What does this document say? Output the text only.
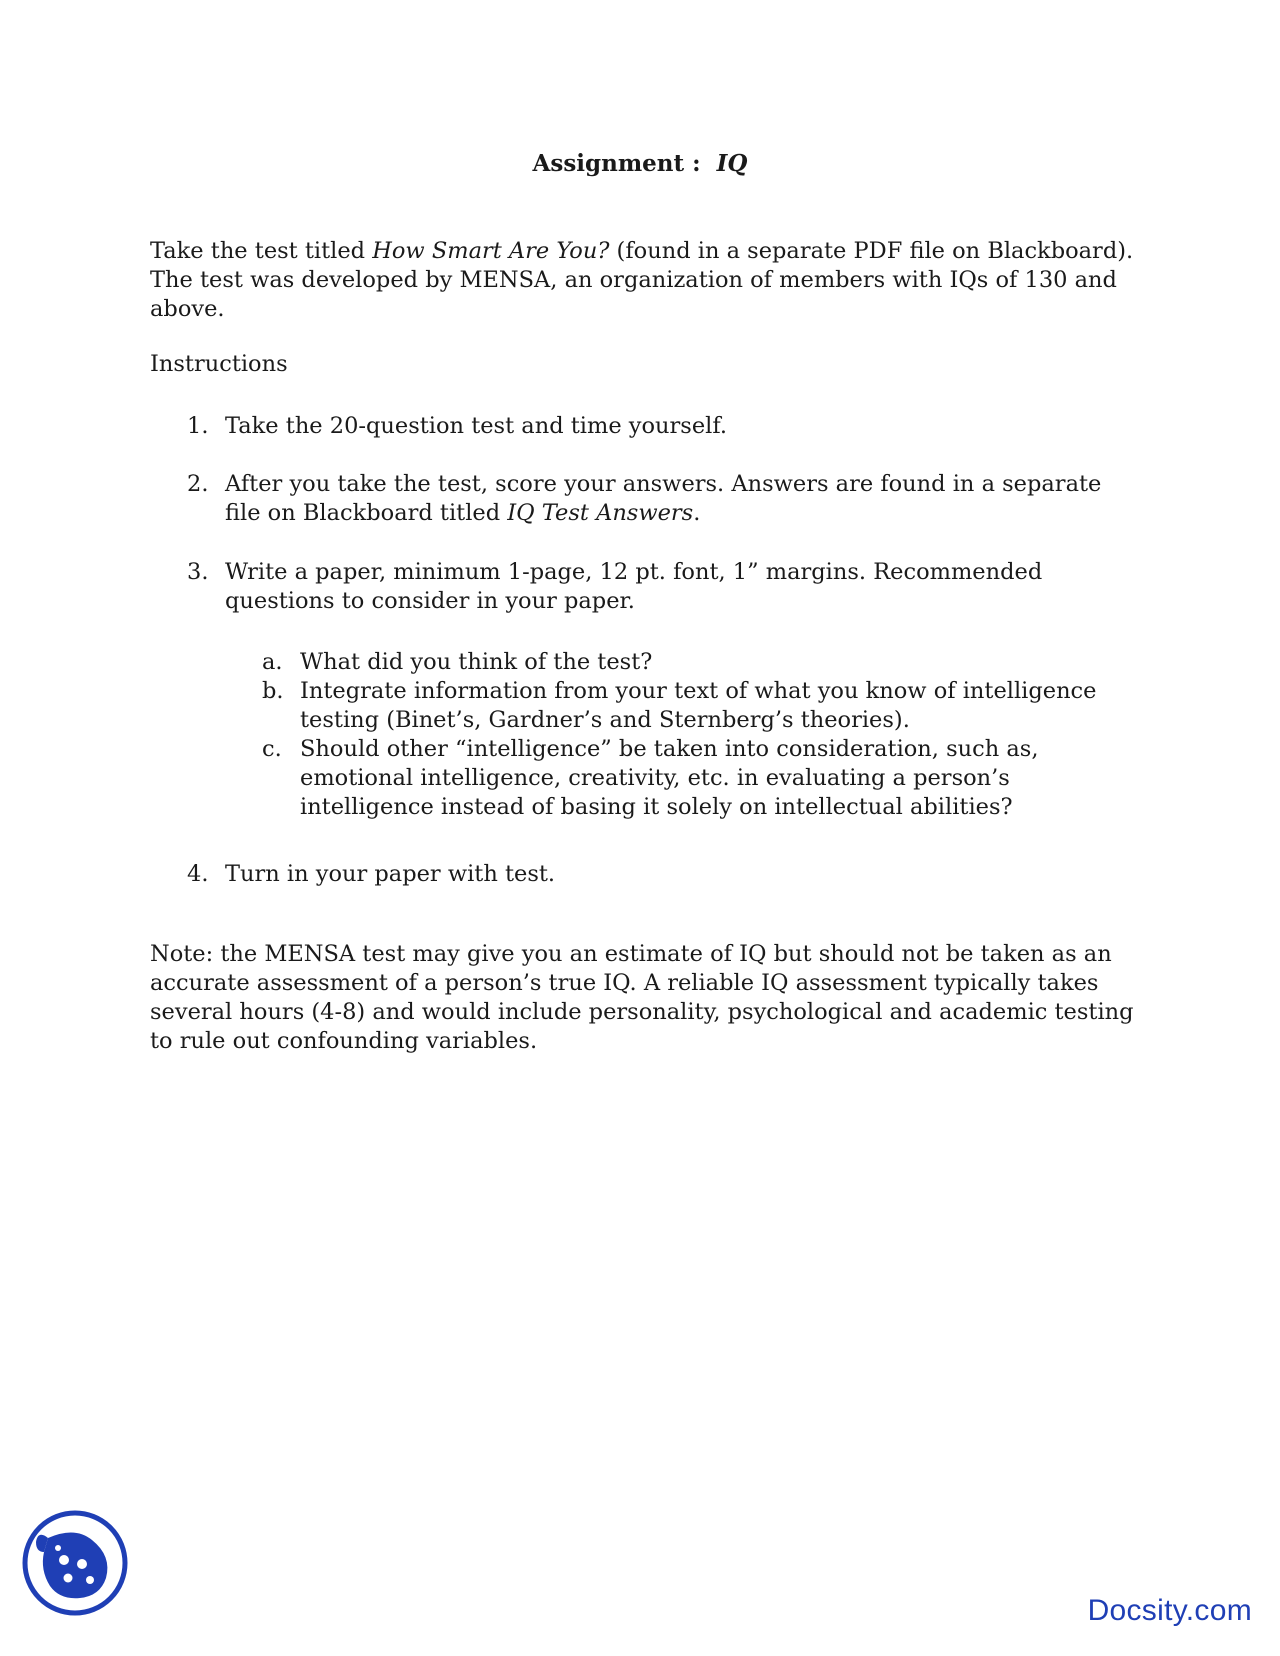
Assignment : IQ
Take the test titled How Smart Are You? (found in a separate PDF file on Blackboard). The test was developed by MENSA, an organization of members with IQs of 130 and above.
Instructions
1. Take the 20-question test and time yourself.
2. After you take the test, score your answers. Answers are found in a separate file on Blackboard titled IQ Test Answers.
3. Write a paper, minimum 1-page, 12 pt. font, 1” margins. Recommended questions to consider in your paper.
a. What did you think of the test?
b. Integrate information from your text of what you know of intelligence testing (Binet’s, Gardner’s and Sternberg’s theories).
c. Should other “intelligence” be taken into consideration, such as, emotional intelligence, creativity, etc. in evaluating a person’s intelligence instead of basing it solely on intellectual abilities?
4. Turn in your paper with test.
Note: the MENSA test may give you an estimate of IQ but should not be taken as an accurate assessment of a person’s true IQ. A reliable IQ assessment typically takes several hours (4-8) and would include personality, psychological and academic testing to rule out confounding variables.
Docsity.com
